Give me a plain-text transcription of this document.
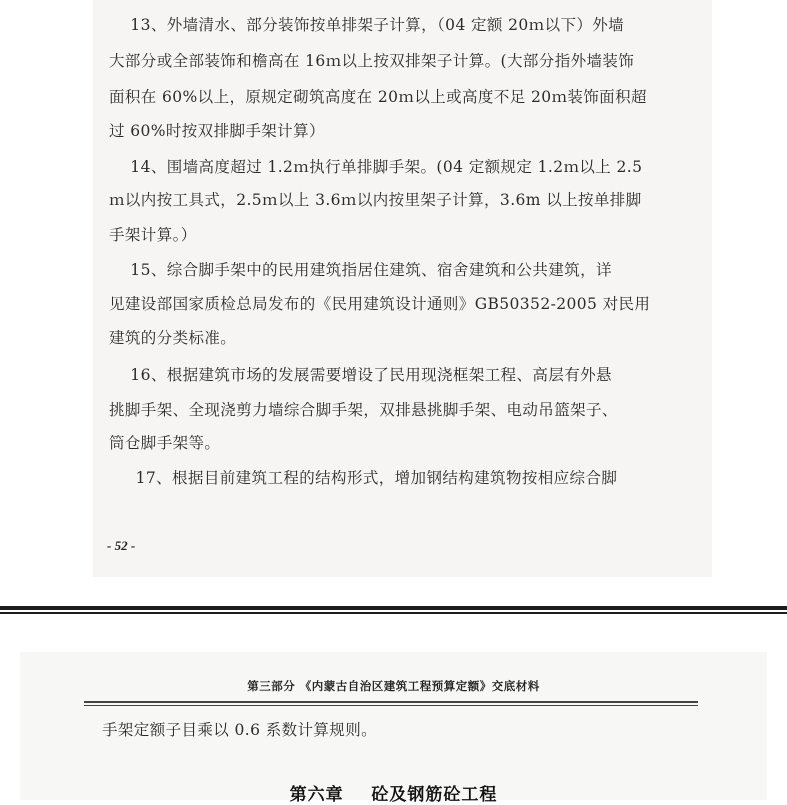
13、外墙清水、部分装饰按单排架子计算，（04 定额 20ｍ以下）外墙
大部分或全部装饰和檐高在 16ｍ以上按双排架子计算。(大部分指外墙装饰
面积在 60%以上，原规定砌筑高度在 20ｍ以上或高度不足 20ｍ装饰面积超
过 60%时按双排脚手架计算）
14、围墙高度超过 1.2ｍ执行单排脚手架。(04 定额规定 1.2ｍ以上 2.5
ｍ以内按工具式，2.5ｍ以上 3.6ｍ以内按里架子计算，3.6m 以上按单排脚
手架计算。）
15、综合脚手架中的民用建筑指居住建筑、宿舍建筑和公共建筑，详
见建设部国家质检总局发布的《民用建筑设计通则》GB50352-2005 对民用
建筑的分类标准。
16、根据建筑市场的发展需要增设了民用现浇框架工程、高层有外悬
挑脚手架、全现浇剪力墙综合脚手架，双排悬挑脚手架、电动吊篮架子、
筒仓脚手架等。
17、根据目前建筑工程的结构形式，增加钢结构建筑物按相应综合脚
- 52 -
第三部分 《内蒙古自治区建筑工程预算定额》交底材料
手架定额子目乘以 0.6 系数计算规则。
第六章    砼及钢筋砼工程
